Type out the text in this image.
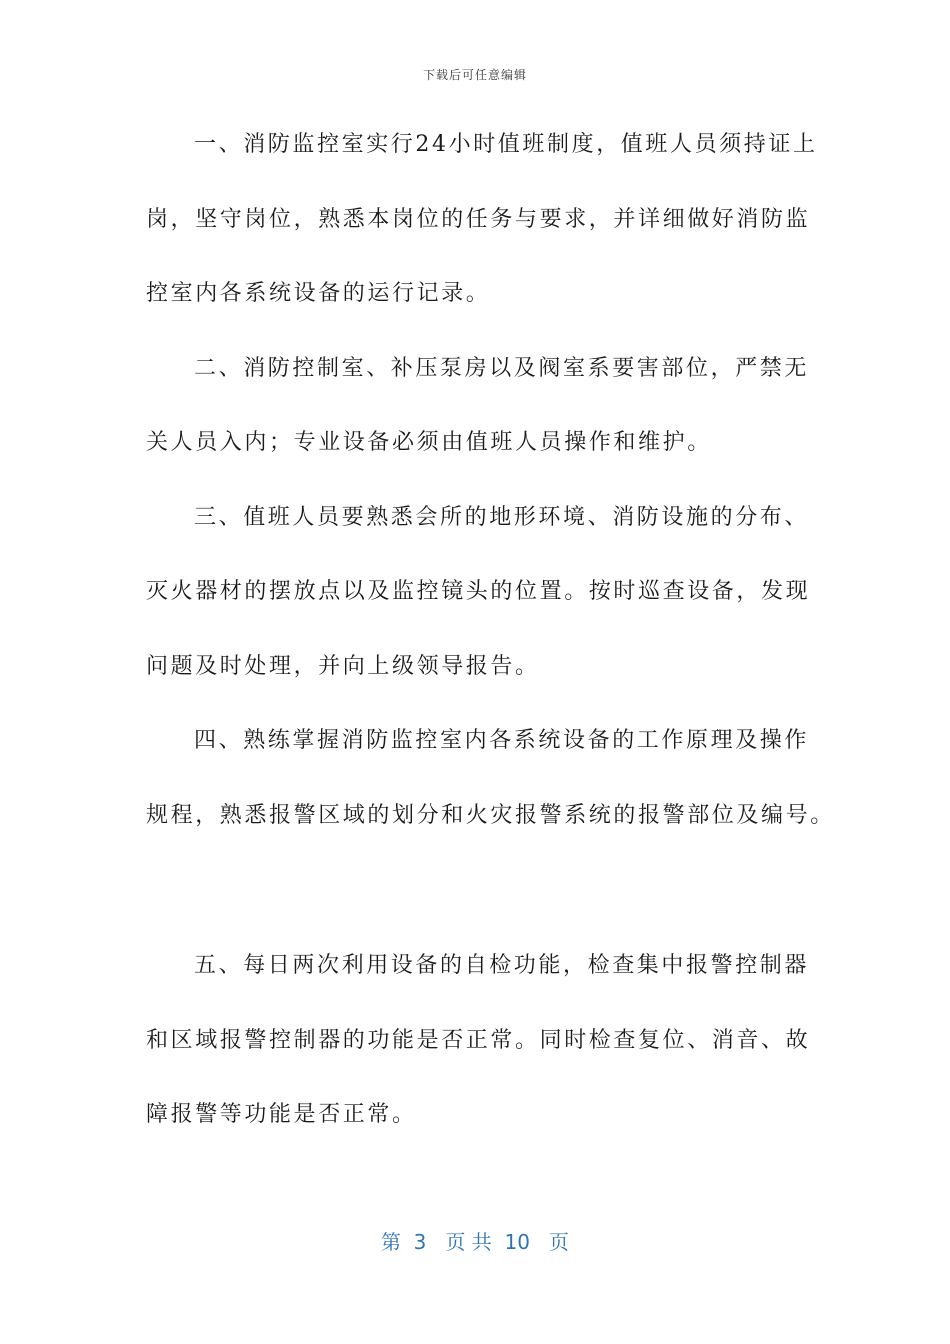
下载后可任意编辑
一、消防监控室实行24小时值班制度，值班人员须持证上
岗，坚守岗位，熟悉本岗位的任务与要求，并详细做好消防监
控室内各系统设备的运行记录。
二、消防控制室、补压泵房以及阀室系要害部位，严禁无
关人员入内；专业设备必须由值班人员操作和维护。
三、值班人员要熟悉会所的地形环境、消防设施的分布、
灭火器材的摆放点以及监控镜头的位置。按时巡查设备，发现
问题及时处理，并向上级领导报告。
四、熟练掌握消防监控室内各系统设备的工作原理及操作
规程，熟悉报警区域的划分和火灾报警系统的报警部位及编号。
五、每日两次利用设备的自检功能，检查集中报警控制器
和区域报警控制器的功能是否正常。同时检查复位、消音、故
障报警等功能是否正常。
第  3   页 共  10   页
